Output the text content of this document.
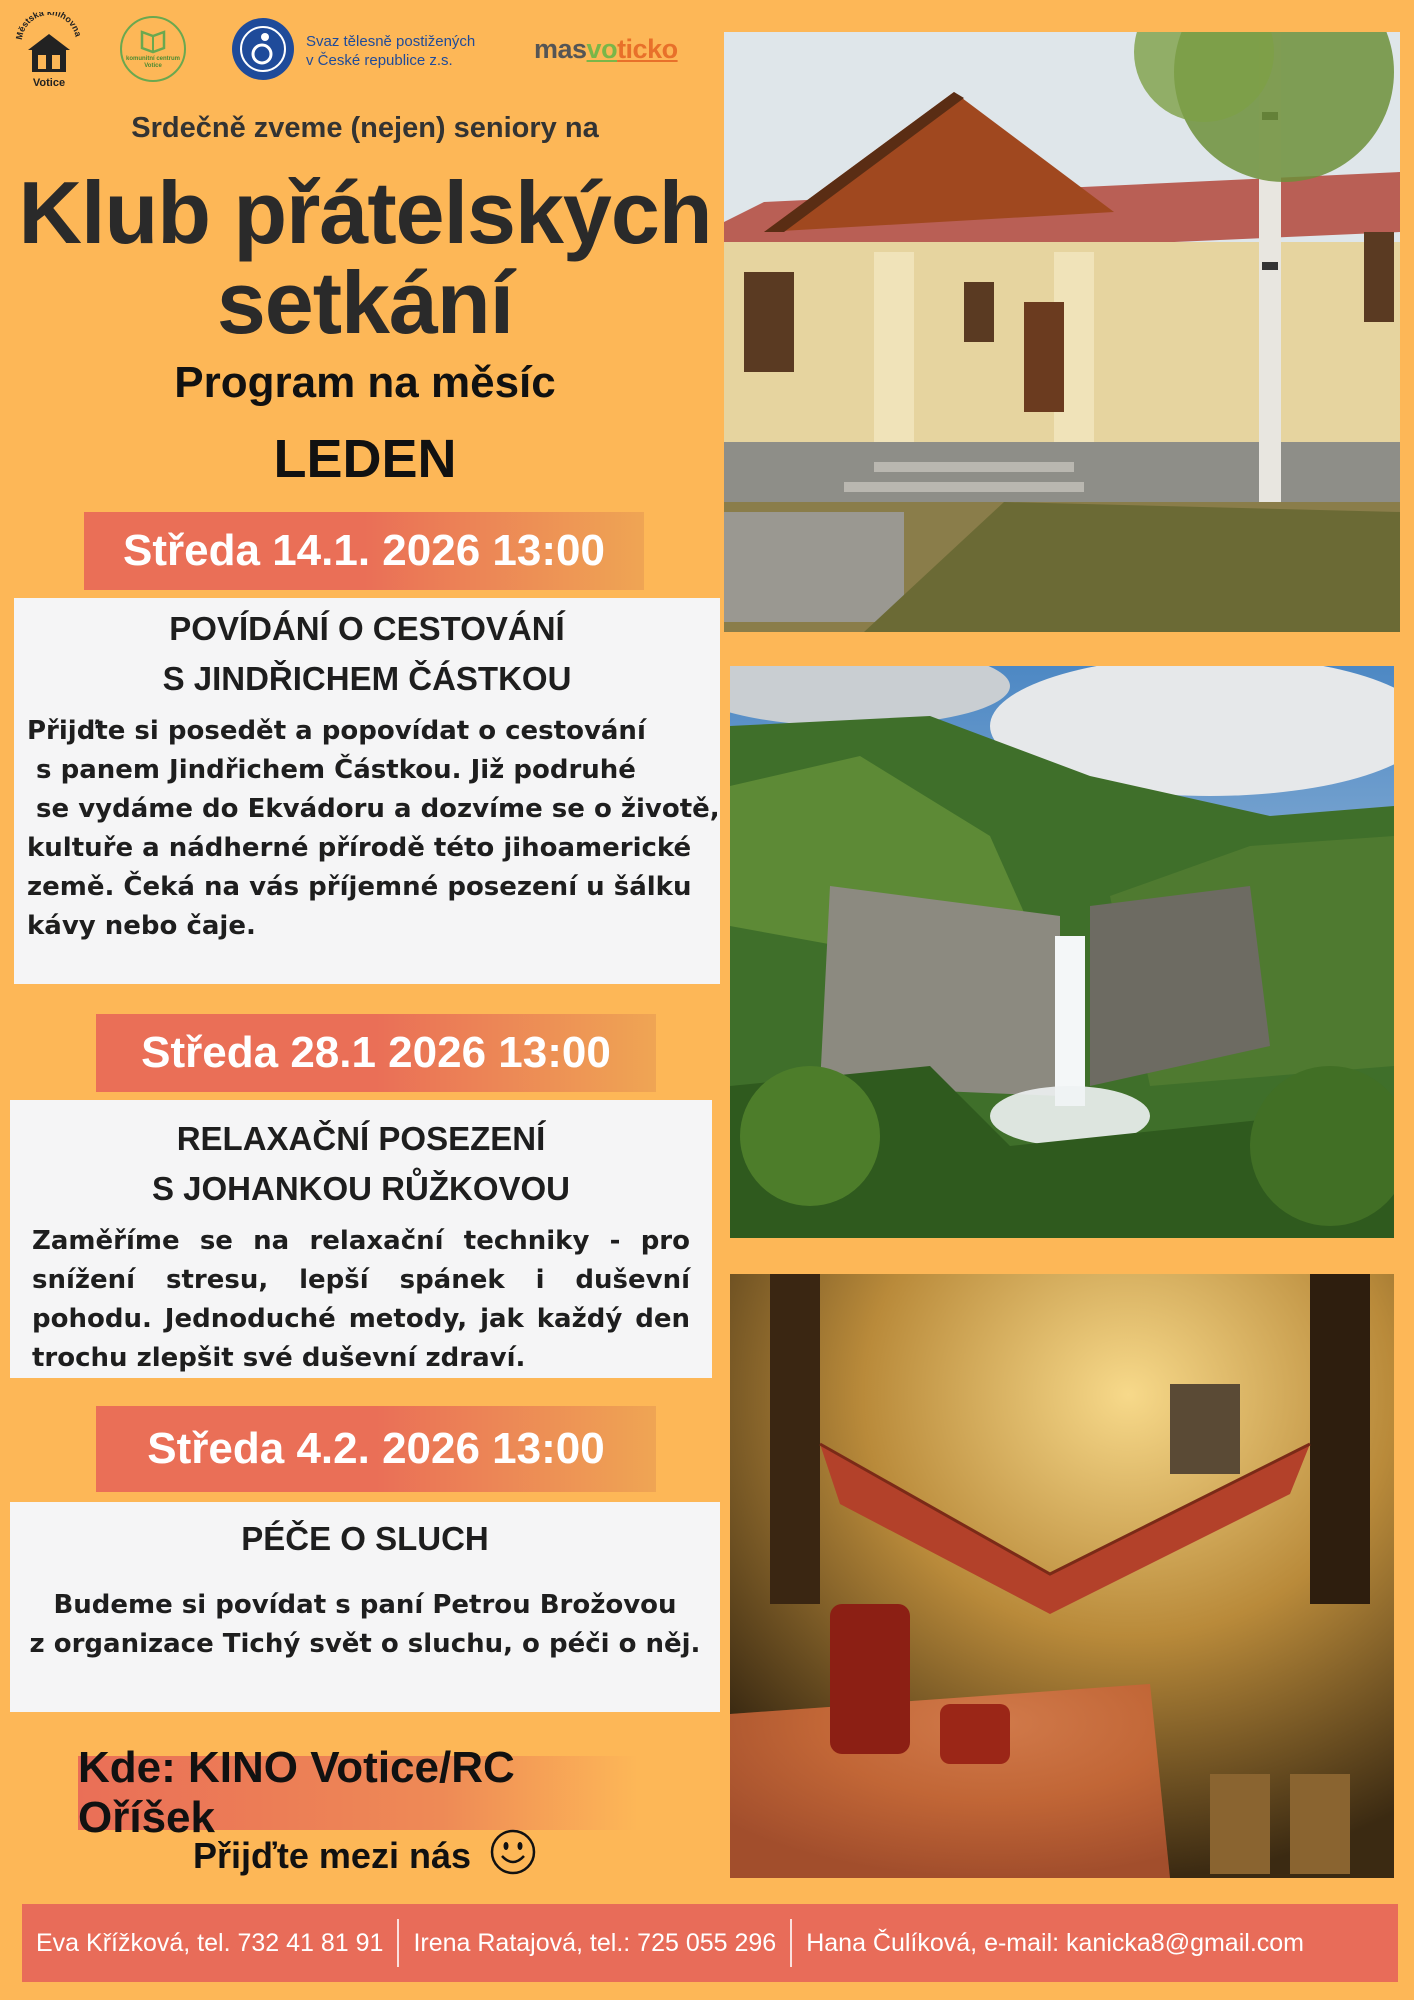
Městská knihovna
Votice
komunitní centrum Votice
Svaz tělesně postižených
v České republice z.s.	masvoticko
Srdečně zveme (nejen) seniory na
Klub přátelských
setkání
Program na měsíc
LEDEN
Středa 14.1. 2026 13:00
POVÍDÁNÍ O CESTOVÁNÍ
S JINDŘICHEM ČÁSTKOU
Přijďte si posedět a popovídat o cestování
s panem Jindřichem Částkou. Již podruhé
se vydáme do Ekvádoru a dozvíme se o životě,
kultuře a nádherné přírodě této jihoamerické
země. Čeká na vás příjemné posezení u šálku
kávy nebo čaje.
Středa 28.1 2026 13:00
RELAXAČNÍ POSEZENÍ
S JOHANKOU RŮŽKOVOU
Zaměříme se na relaxační techniky - pro snížení stresu, lepší spánek i duševní pohodu. Jednoduché metody, jak každý den trochu zlepšit své duševní zdraví.
Středa 4.2. 2026 13:00
PÉČE O SLUCH
Budeme si povídat s paní Petrou Brožovou
z organizace Tichý svět o sluchu, o péči o něj.
Kde: KINO Votice/RC Oříšek
Přijďte mezi nás
Eva Křížková, tel. 732 41 81 91	Irena Ratajová, tel.: 725 055 296	Hana Čulíková, e-mail: kanicka8@gmail.com
